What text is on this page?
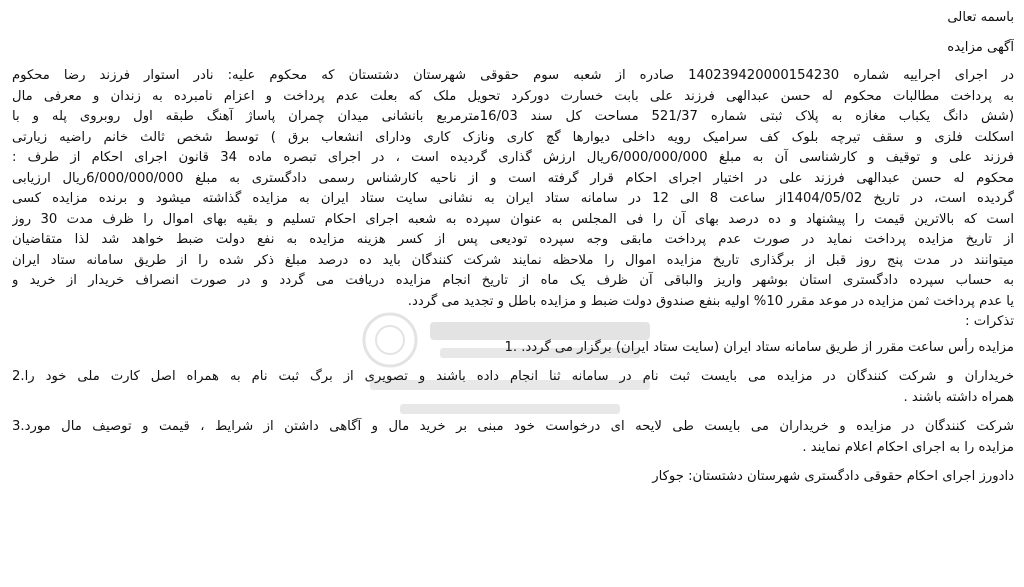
باسمه تعالی
آگهی مزایده
در اجرای اجراییه شماره 140239420000154230 صادره از شعبه سوم حقوقی شهرستان دشتستان که محکوم علیه: نادر استوار فرزند رضا محکوم
به پرداخت مطالبات محکوم له حسن عبدالهی فرزند علی بابت خسارت دورکرد تحویل ملک که بعلت عدم پرداخت و اعزام نامبرده به زندان و معرفی مال
(شش دانگ یکباب مغازه به پلاک ثبتی شماره 521/37 مساحت کل سند 16/03مترمربع بانشانی میدان چمران پاساژ آهنگ طبقه اول روبروی پله و با
اسکلت فلزی و سقف تیرچه بلوک کف سرامیک رویه داخلی دیوارها گچ کاری ونازک کاری ودارای انشعاب برق ) توسط شخص ثالث خانم راضیه زیارتی
فرزند علی و توقیف و کارشناسی آن به مبلغ 6/000/000/000ریال ارزش گذاری گردیده است ، در اجرای تبصره ماده 34 قانون اجرای احکام از طرف :
محکوم له حسن عبدالهی فرزند علی در اختیار اجرای احکام قرار گرفته است و از ناحیه کارشناس رسمی دادگستری به مبلغ 6/000/000/000ریال ارزیابی
گردیده است، در تاریخ 1404/05/02از ساعت 8 الی 12 در سامانه ستاد ایران به نشانی سایت ستاد ایران به مزایده گذاشته میشود و برنده مزایده کسی
است که بالاترین قیمت را پیشنهاد و ده درصد بهای آن را فی المجلس به عنوان سپرده به شعبه اجرای احکام تسلیم و بقیه بهای اموال را ظرف مدت 30 روز
از تاریخ مزایده پرداخت نماید در صورت عدم پرداخت مابقی وجه سپرده تودیعی پس از کسر هزینه مزایده به نفع دولت ضبط خواهد شد لذا متقاضیان
میتوانند در مدت پنج روز قبل از برگذاری تاریخ مزایده اموال را ملاحظه نمایند شرکت کنندگان باید ده درصد مبلغ ذکر شده را از طریق سامانه ستاد ایران
به حساب سپرده دادگستری استان بوشهر واریز والباقی آن ظرف یک ماه از تاریخ انجام مزایده دریافت می گردد و در صورت انصراف خریدار از خرید و
یا عدم پرداخت ثمن مزایده در موعد مقرر 10% اولیه بنفع صندوق دولت ضبط و مزایده باطل و تجدید می گردد.
تذکرات :
مزایده رأس ساعت مقرر از طریق سامانه ستاد ایران (سایت ستاد ایران) برگزار می گردد. .1
خریداران و شرکت کنندگان در مزایده می بایست ثبت نام در سامانه ثنا انجام داده باشند و تصویری از برگ ثبت نام به همراه اصل کارت ملی خود را.2
همراه داشته باشند .
شرکت کنندگان در مزایده و خریداران می بایست طی لایحه ای درخواست خود مبنی بر خرید مال و آگاهی داشتن از شرایط ، قیمت و توصیف مال مورد.3
مزایده را به اجرای احکام اعلام نمایند .
دادورز اجرای احکام حقوقی دادگستری شهرستان دشتستان: جوکار
